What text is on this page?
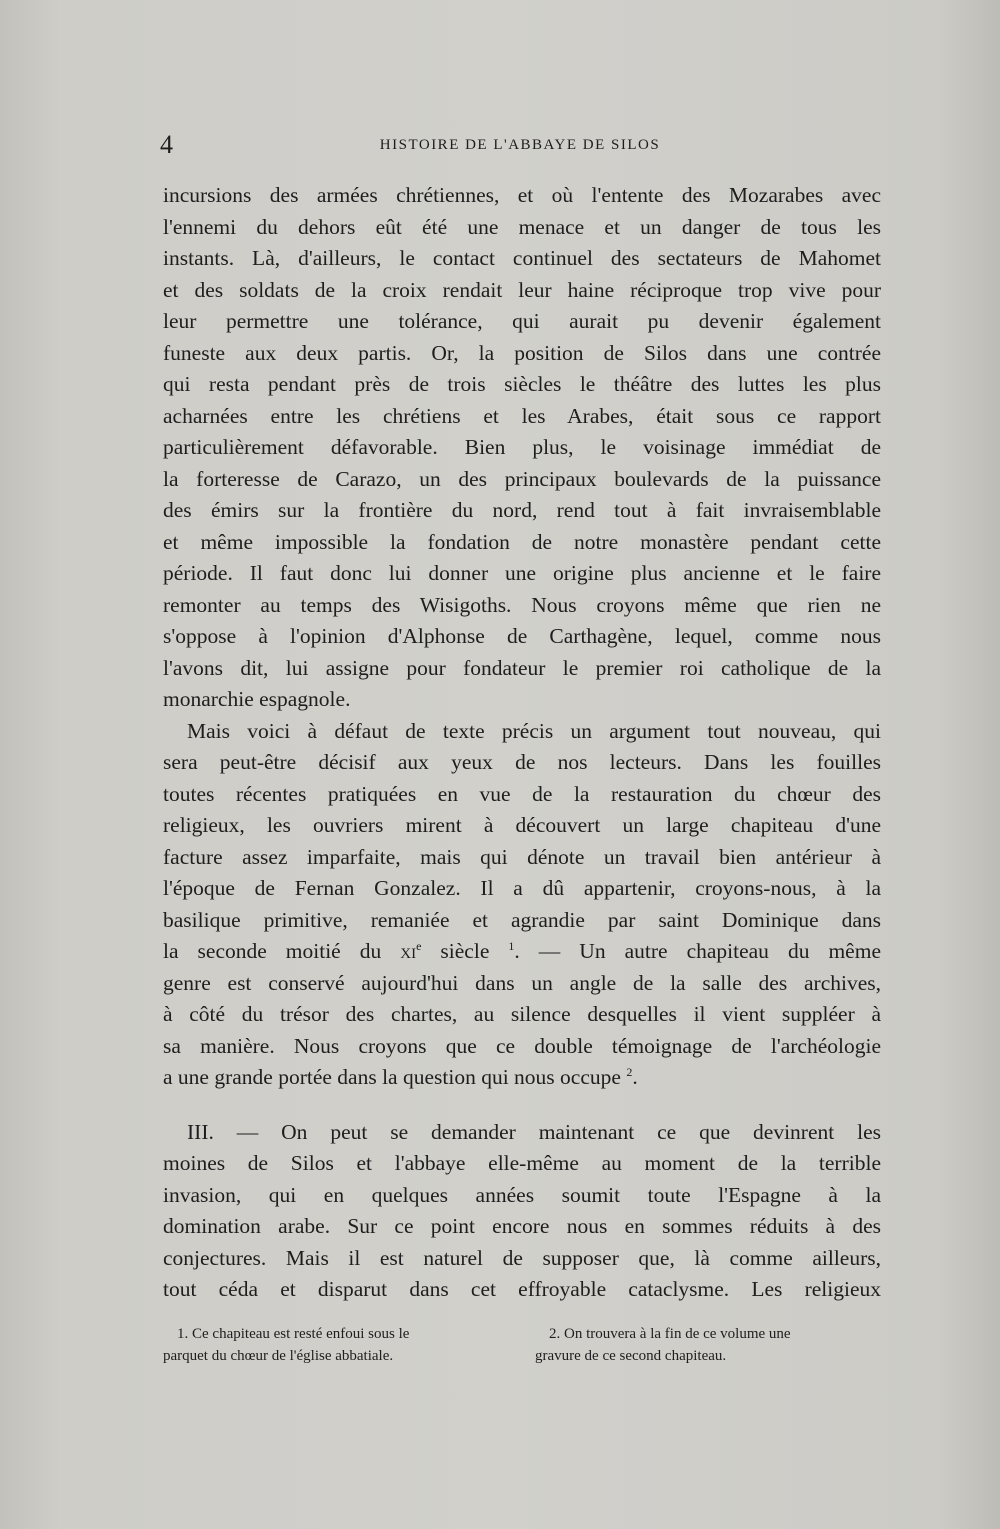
4	HISTOIRE DE L'ABBAYE DE SILOS

incursions des armées chrétiennes, et où l'entente des Mozarabes avec
l'ennemi du dehors eût été une menace et un danger de tous les
instants. Là, d'ailleurs, le contact continuel des sectateurs de Mahomet
et des soldats de la croix rendait leur haine réciproque trop vive pour
leur permettre une tolérance, qui aurait pu devenir également
funeste aux deux partis. Or, la position de Silos dans une contrée
qui resta pendant près de trois siècles le théâtre des luttes les plus
acharnées entre les chrétiens et les Arabes, était sous ce rapport
particulièrement défavorable. Bien plus, le voisinage immédiat de
la forteresse de Carazo, un des principaux boulevards de la puissance
des émirs sur la frontière du nord, rend tout à fait invraisemblable
et même impossible la fondation de notre monastère pendant cette
période. Il faut donc lui donner une origine plus ancienne et le faire
remonter au temps des Wisigoths. Nous croyons même que rien ne
s'oppose à l'opinion d'Alphonse de Carthagène, lequel, comme nous
l'avons dit, lui assigne pour fondateur le premier roi catholique de la
monarchie espagnole.

Mais voici à défaut de texte précis un argument tout nouveau, qui
sera peut-être décisif aux yeux de nos lecteurs. Dans les fouilles
toutes récentes pratiquées en vue de la restauration du chœur des
religieux, les ouvriers mirent à découvert un large chapiteau d'une
facture assez imparfaite, mais qui dénote un travail bien antérieur à
l'époque de Fernan Gonzalez. Il a dû appartenir, croyons-nous, à la
basilique primitive, remaniée et agrandie par saint Dominique dans
la seconde moitié du $xi^e$ siècle $^1$. — Un autre chapiteau du même
genre est conservé aujourd'hui dans un angle de la salle des archives,
à côté du trésor des chartes, au silence desquelles il vient suppléer à
sa manière. Nous croyons que ce double témoignage de l'archéologie
a une grande portée dans la question qui nous occupe $^2$.

III. — On peut se demander maintenant ce que devinrent les
moines de Silos et l'abbaye elle-même au moment de la terrible
invasion, qui en quelques années soumit toute l'Espagne à la
domination arabe. Sur ce point encore nous en sommes réduits à des
conjectures. Mais il est naturel de supposer que, là comme ailleurs,
tout céda et disparut dans cet effroyable cataclysme. Les religieux

1. Ce chapiteau est resté enfoui sous le
parquet du chœur de l'église abbatiale.
2. On trouvera à la fin de ce volume une
gravure de ce second chapiteau.
